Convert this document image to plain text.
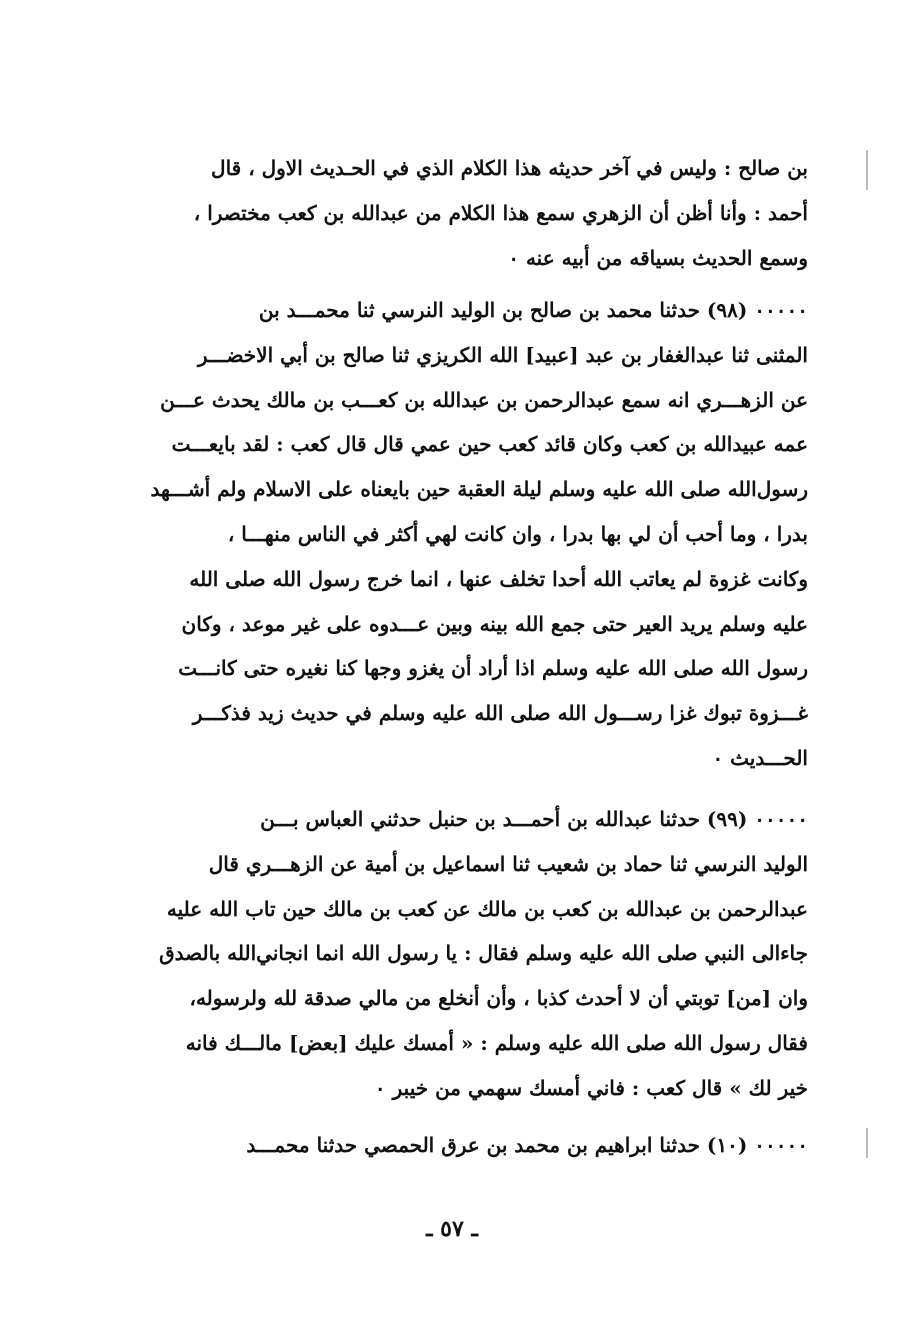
بن صالح : وليس في آخر حديثه هذا الكلام الذي في الحـديث الاول ، قال
أحمد : وأنا أظن أن الزهري سمع هذا الكلام من عبدالله بن كعب مختصرا ،
وسمع الحديث بسياقه من أبيه عنه ٠
٠٠٠٠٠ (٩٨) حدثنا محمد بن صالح بن الوليد النرسي ثنا محمـــد بن
المثنى ثنا عبدالغفار بن عبد [عبيد] الله الكريزي ثنا صالح بن أبي الاخضـــر
عن الزهـــري انه سمع عبدالرحمن بن عبدالله بن كعـــب بن مالك يحدث عـــن
عمه عبيدالله بن كعب وكان قائد كعب حين عمي قال قال كعب : لقد بايعـــت
رسول‌الله صلى الله عليه وسلم ليلة العقبة حين بايعناه على الاسلام ولم أشـــهد
بدرا ، وما أحب أن لي بها بدرا ، وان كانت لهي أكثر في الناس منهـــا ،
وكانت غزوة لم يعاتب الله أحدا تخلف عنها ، انما خرج رسول الله صلى الله
عليه وسلم يريد العير حتى جمع الله بينه وبين عـــدوه على غير موعد ، وكان
رسول الله صلى الله عليه وسلم اذا أراد أن يغزو وجها كنا نغيره حتى كانـــت
غـــزوة تبوك غزا رســـول الله صلى الله عليه وسلم في حديث زيد فذكـــر
الحـــديث ٠
٠٠٠٠٠ (٩٩) حدثنا عبدالله بن أحمـــد بن حنبل حدثني العباس بـــن
الوليد النرسي ثنا حماد بن شعيب ثنا اسماعيل بن أمية عن الزهـــري قال
عبدالرحمن بن عبدالله بن كعب بن مالك عن كعب بن مالك حين تاب الله عليه
جاءالى النبي صلى الله عليه وسلم فقال : يا رسول الله انما انجاني‌الله بالصدق
وان [من] توبتي أن لا أحدث كذبا ، وأن أنخلع من مالي صدقة لله ولرسوله،
فقال رسول الله صلى الله عليه وسلم : « أمسك عليك [بعض] مالـــك فانه
خير لك » قال كعب : فاني أمسك سهمي من خيبر ٠
٠٠٠٠٠ (١٠) حدثنا ابراهيم بن محمد بن عرق الحمصي حدثنا محمـــد
ـ ٥٧ ـ
